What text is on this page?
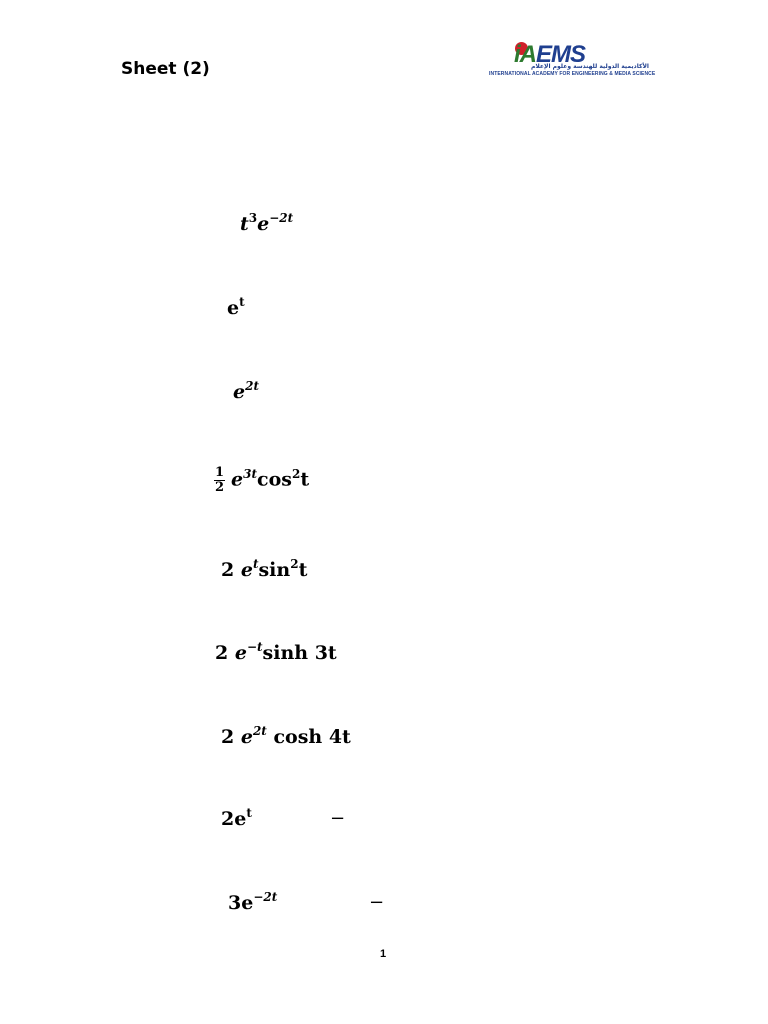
Sheet (2)
iAEMS
الأكاديمية الدولية للهندسة وعلوم الإعلام
INTERNATIONAL ACADEMY FOR ENGINEERING & MEDIA SCIENCE
$t^3e^{-2t}$
$e^t$
$e^{2t}$
$\frac{1}{2} e^{3t}\cos^2t$
2 $e^t\sin^2t$
2 $e^{-t}\sinh$ 3t
2 $e^{2t}$ cosh 4t
$2e^t$	−
$3e^{-2t}$	−
1
